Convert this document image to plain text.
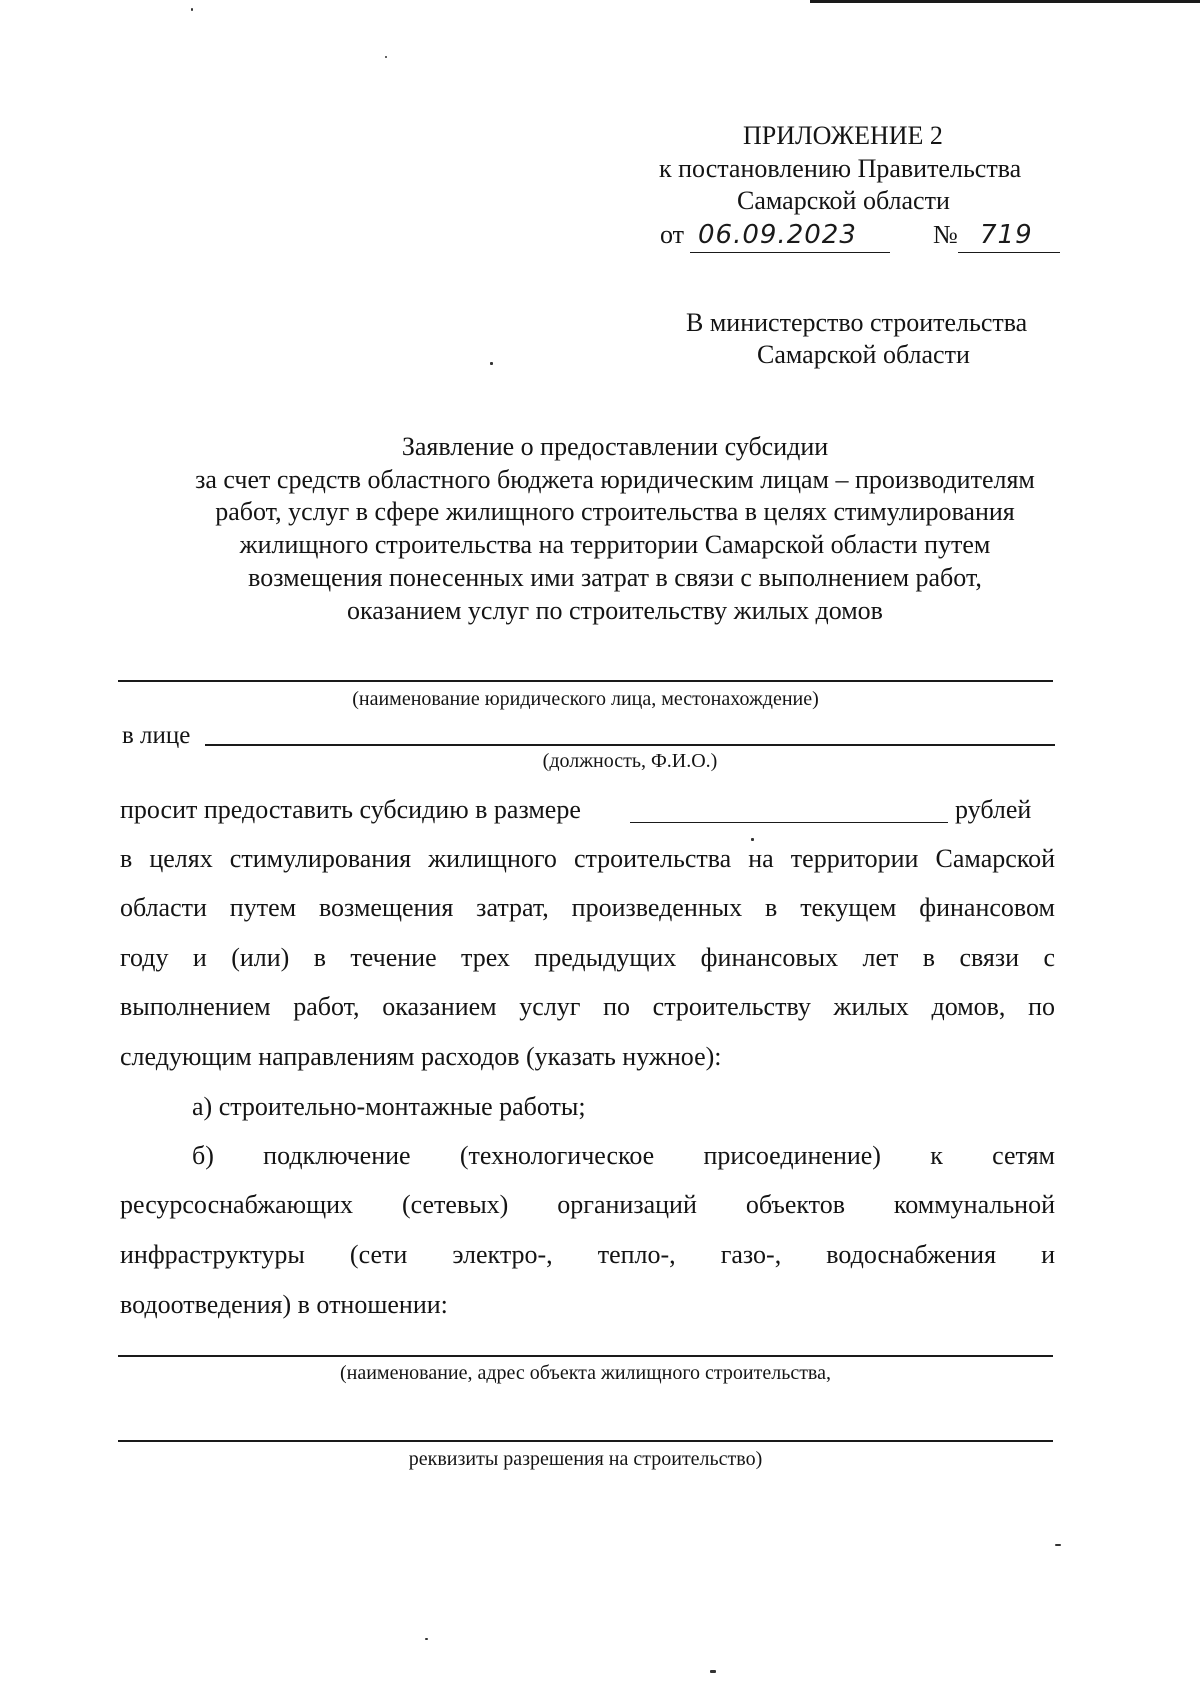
ПРИЛОЖЕНИЕ 2
к постановлению Правительства
Самарской области
от 06.09.2023	№ 719
В министерство строительства
Самарской области
Заявление о предоставлении субсидии
за счет средств областного бюджета юридическим лицам – производителям
работ, услуг в сфере жилищного строительства в целях стимулирования
жилищного строительства на территории Самарской области путем
возмещения понесенных ими затрат в связи с выполнением работ,
оказанием услуг по строительству жилых домов
(наименование юридического лица, местонахождение)
в лице
(должность, Ф.И.О.)
просит предоставить субсидию в размере	рублей
в целях стимулирования жилищного строительства на территории Самарской
области путем возмещения затрат, произведенных в текущем финансовом
году и (или) в течение трех предыдущих финансовых лет в связи с
выполнением работ, оказанием услуг по строительству жилых домов, по
следующим направлениям расходов (указать нужное):
а) строительно-монтажные работы;
б) подключение (технологическое присоединение) к сетям
ресурсоснабжающих (сетевых) организаций объектов коммунальной
инфраструктуры (сети электро-, тепло-, газо-, водоснабжения и
водоотведения) в отношении:
(наименование, адрес объекта жилищного строительства,
реквизиты разрешения на строительство)
